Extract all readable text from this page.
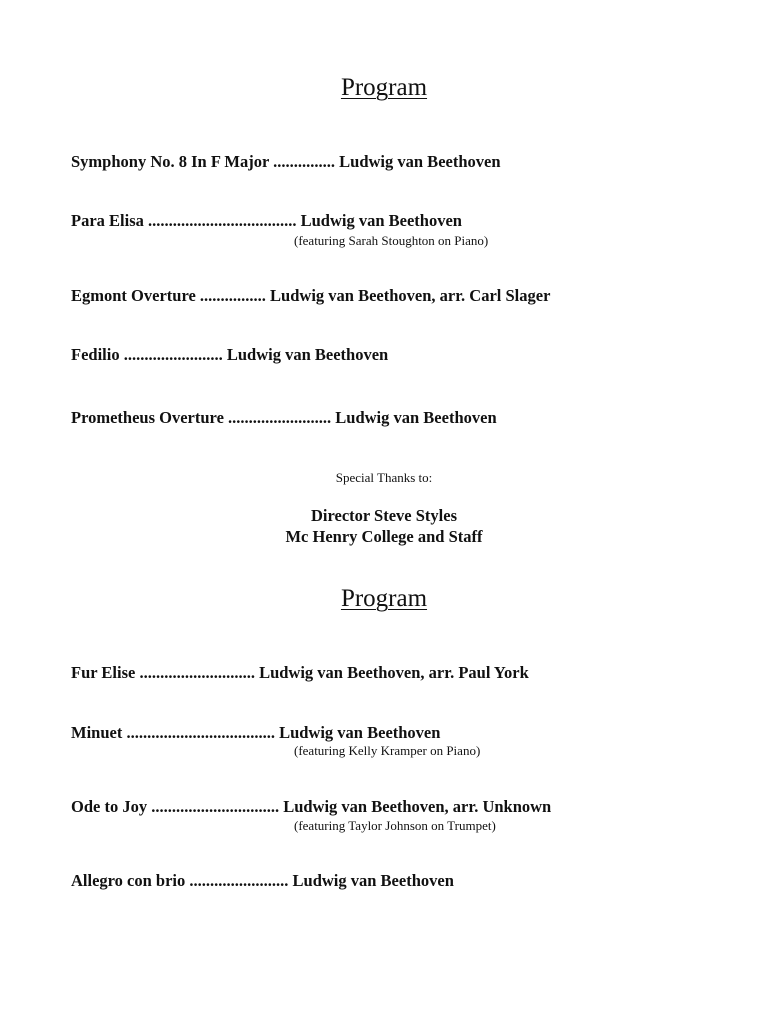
Program
Symphony No. 8 In F Major ............... Ludwig van Beethoven
Para Elisa .................................... Ludwig van Beethoven
(featuring Sarah Stoughton on Piano)
Egmont Overture ................ Ludwig van Beethoven, arr. Carl Slager
Fedilio ........................ Ludwig van Beethoven
Prometheus Overture ......................... Ludwig van Beethoven
Special Thanks to:
Director Steve Styles
Mc Henry College and Staff
Program
Fur Elise ............................ Ludwig van Beethoven, arr. Paul York
Minuet .................................... Ludwig van Beethoven
(featuring Kelly Kramper on Piano)
Ode to Joy ............................... Ludwig van Beethoven, arr. Unknown
(featuring Taylor Johnson on Trumpet)
Allegro con brio ........................ Ludwig van Beethoven
